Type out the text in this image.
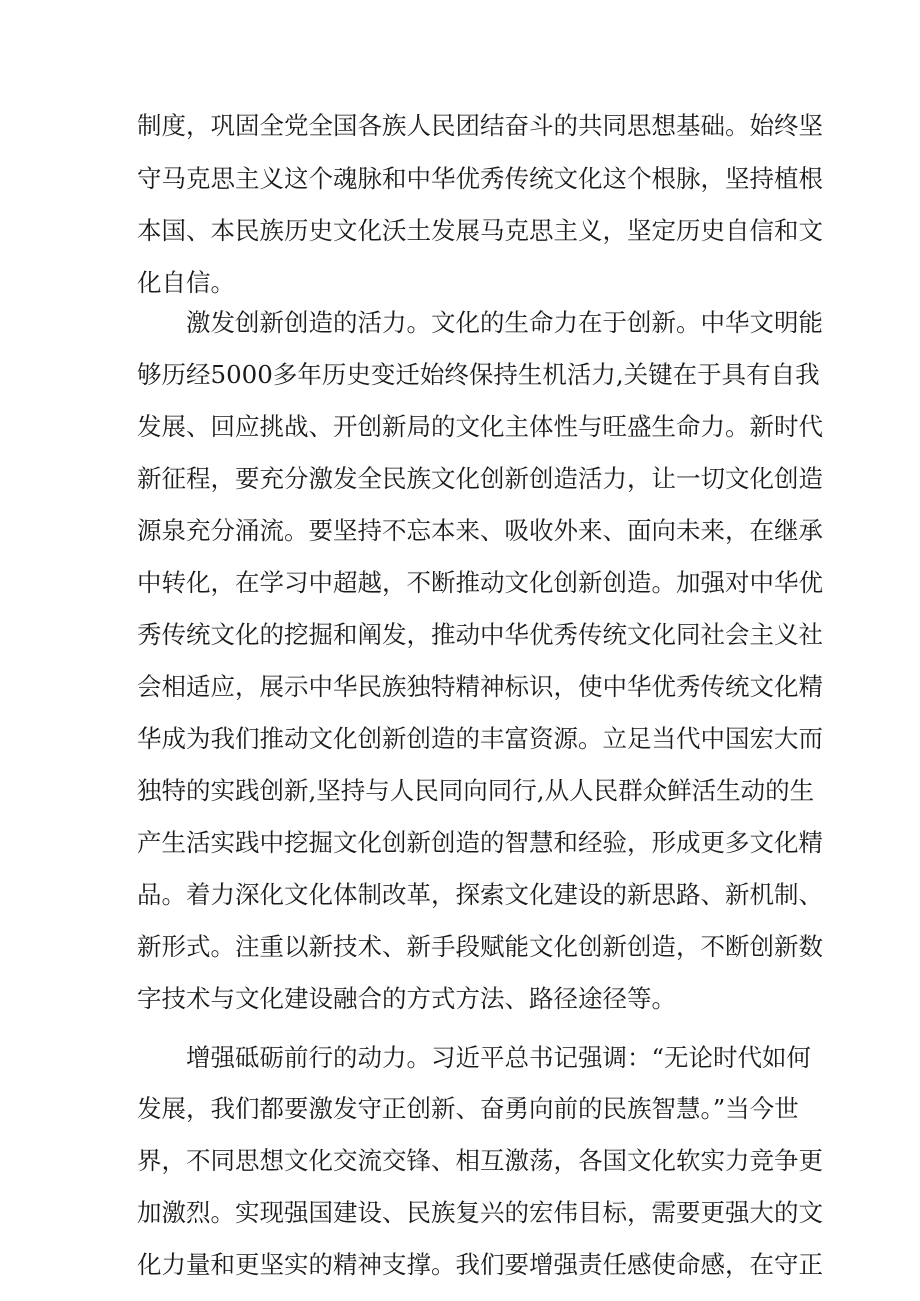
制度，巩固全党全国各族人民团结奋斗的共同思想基础。始终坚
守马克思主义这个魂脉和中华优秀传统文化这个根脉，坚持植根
本国、本民族历史文化沃土发展马克思主义，坚定历史自信和文
化自信。
激发创新创造的活力。文化的生命力在于创新。中华文明能
够历经5000多年历史变迁始终保持生机活力,关键在于具有自我
发展、回应挑战、开创新局的文化主体性与旺盛生命力。新时代
新征程，要充分激发全民族文化创新创造活力，让一切文化创造
源泉充分涌流。要坚持不忘本来、吸收外来、面向未来，在继承
中转化，在学习中超越，不断推动文化创新创造。加强对中华优
秀传统文化的挖掘和阐发，推动中华优秀传统文化同社会主义社
会相适应，展示中华民族独特精神标识，使中华优秀传统文化精
华成为我们推动文化创新创造的丰富资源。立足当代中国宏大而
独特的实践创新,坚持与人民同向同行,从人民群众鲜活生动的生
产生活实践中挖掘文化创新创造的智慧和经验，形成更多文化精
品。着力深化文化体制改革，探索文化建设的新思路、新机制、
新形式。注重以新技术、新手段赋能文化创新创造，不断创新数
字技术与文化建设融合的方式方法、路径途径等。
增强砥砺前行的动力。习近平总书记强调：“无论时代如何
发展，我们都要激发守正创新、奋勇向前的民族智慧。”当今世
界，不同思想文化交流交锋、相互激荡，各国文化软实力竞争更
加激烈。实现强国建设、民族复兴的宏伟目标，需要更强大的文
化力量和更坚实的精神支撑。我们要增强责任感使命感，在守正
